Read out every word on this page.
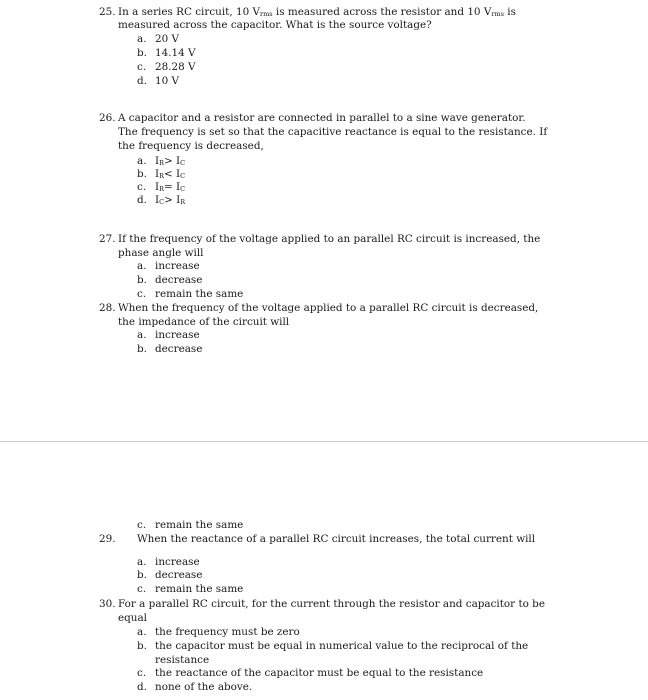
25. In a series RC circuit, 10 Vrms is measured across the resistor and 10 Vrms is
measured across the capacitor. What is the source voltage?
a. 20 V
b. 14.14 V
c. 28.28 V
d. 10 V
26. A capacitor and a resistor are connected in parallel to a sine wave generator.
The frequency is set so that the capacitive reactance is equal to the resistance. If
the frequency is decreased,
a. IR> IC
b. IR< IC
c. IR= IC
d. IC> IR
27. If the frequency of the voltage applied to an parallel RC circuit is increased, the
phase angle will
a. increase
b. decrease
c. remain the same
28. When the frequency of the voltage applied to a parallel RC circuit is decreased,
the impedance of the circuit will
a. increase
b. decrease
c. remain the same
29. When the reactance of a parallel RC circuit increases, the total current will
a. increase
b. decrease
c. remain the same
30. For a parallel RC circuit, for the current through the resistor and capacitor to be
equal
a. the frequency must be zero
b. the capacitor must be equal in numerical value to the reciprocal of the
resistance
c. the reactance of the capacitor must be equal to the resistance
d. none of the above.
